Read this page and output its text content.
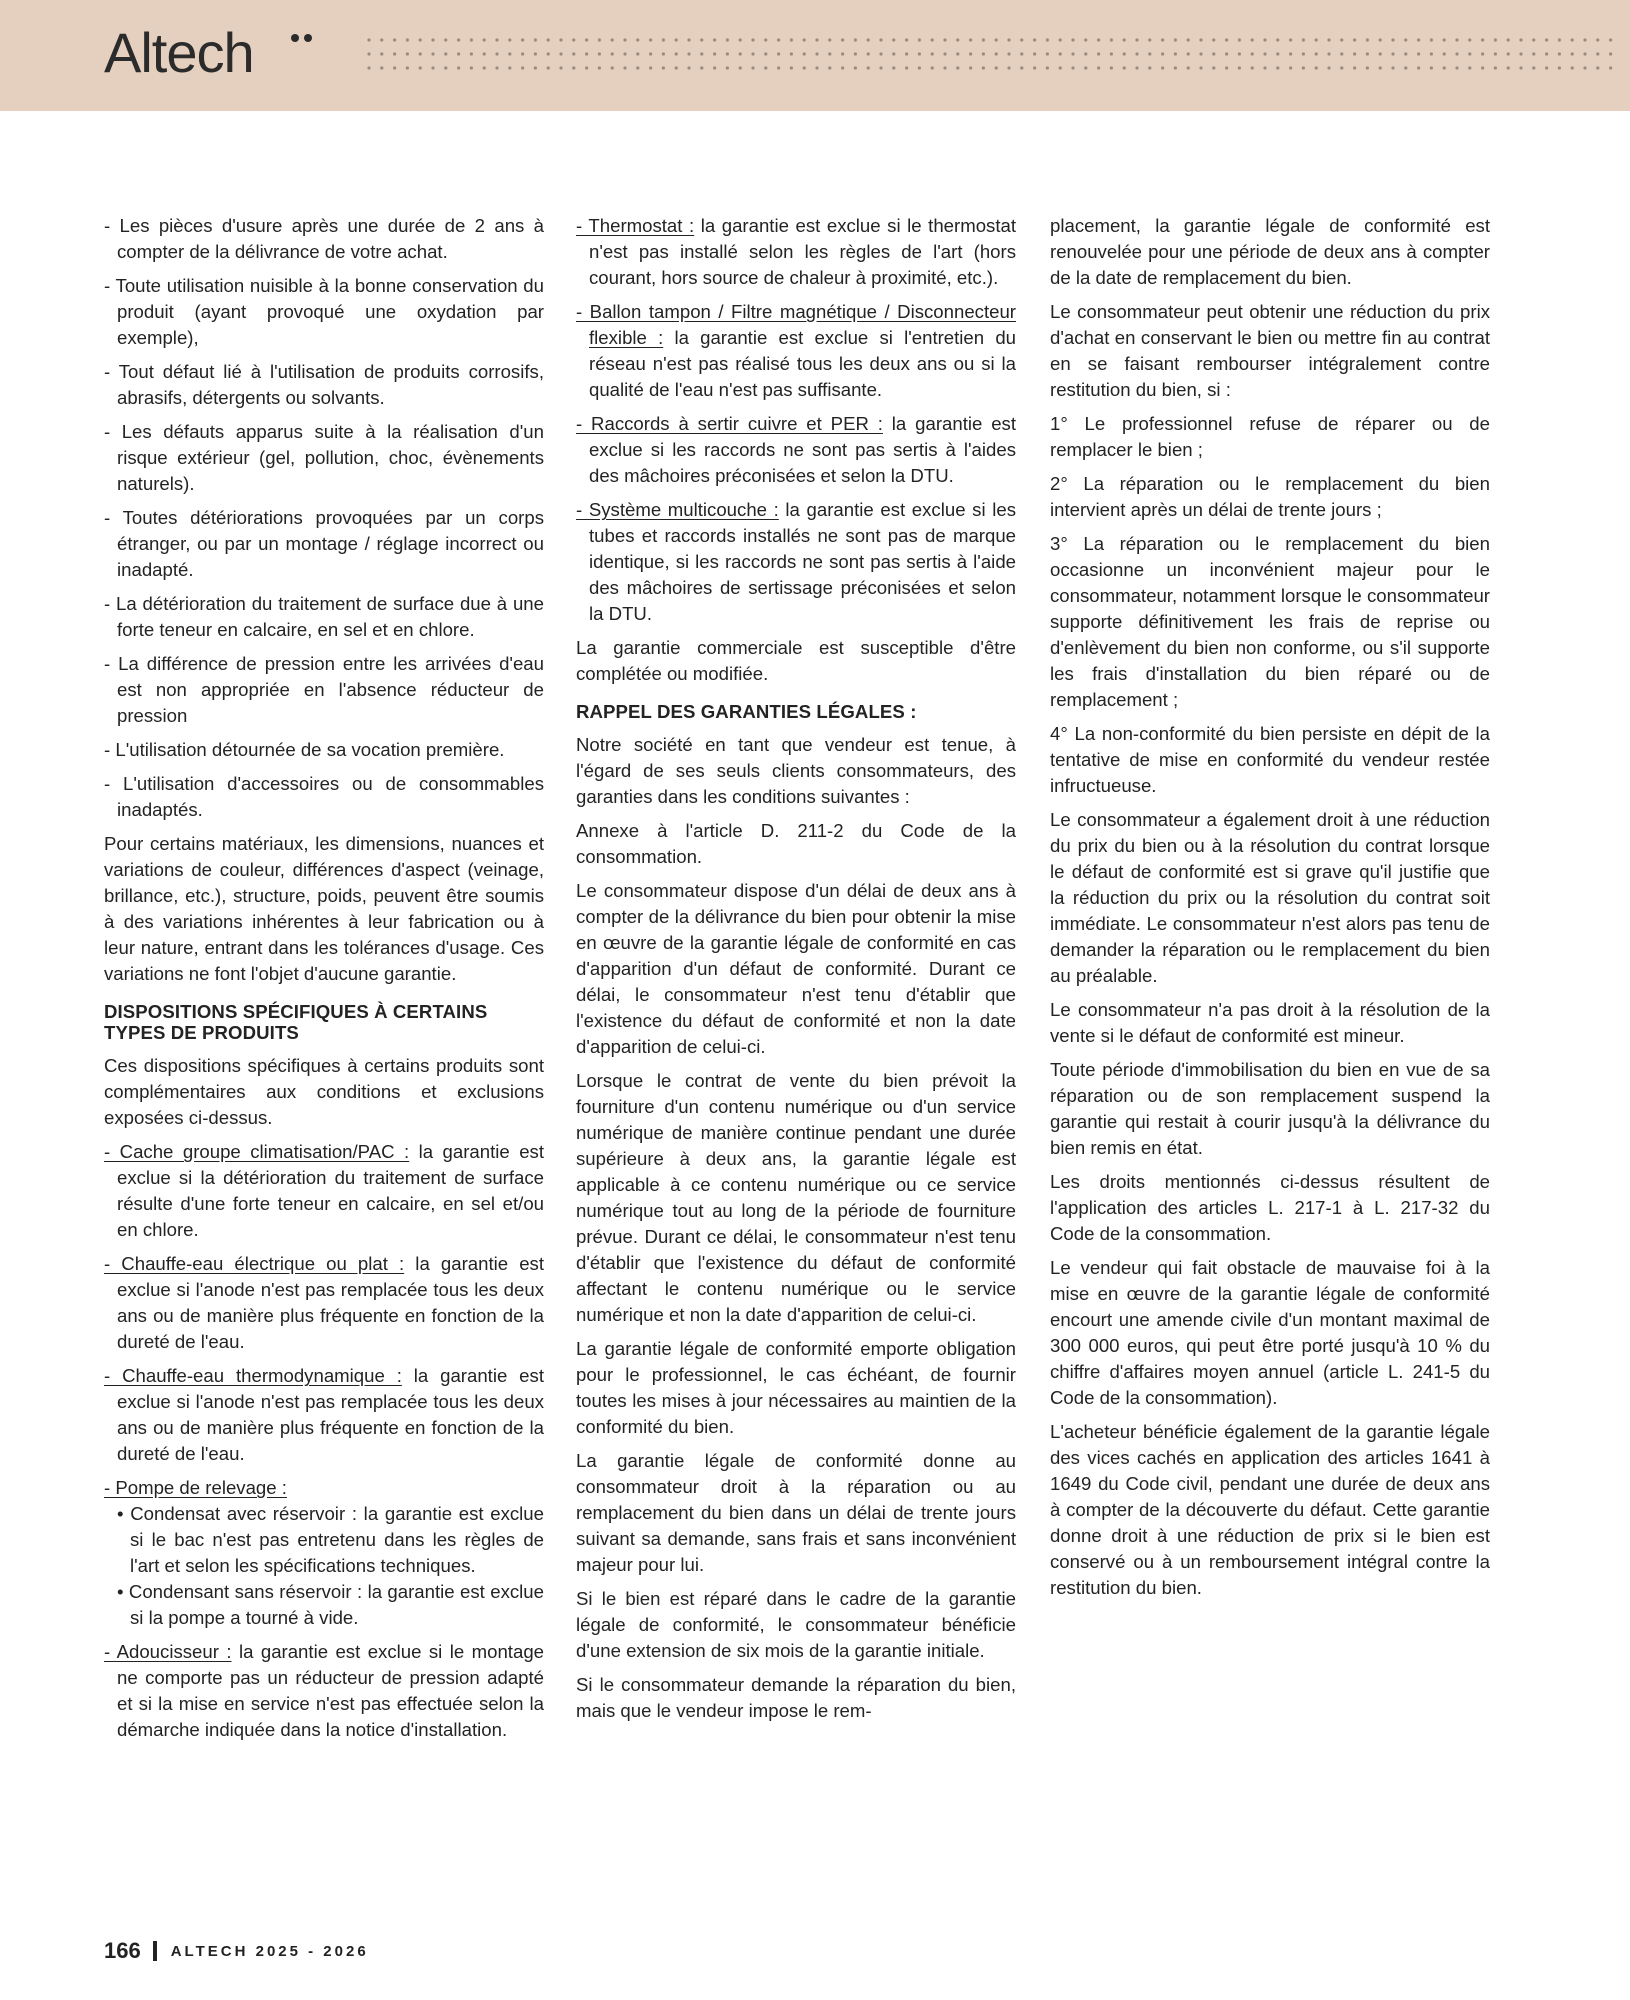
Altech
- Les pièces d'usure après une durée de 2 ans à compter de la délivrance de votre achat.
- Toute utilisation nuisible à la bonne conservation du produit (ayant provoqué une oxydation par exemple),
- Tout défaut lié à l'utilisation de produits corrosifs, abrasifs, détergents ou solvants.
- Les défauts apparus suite à la réalisation d'un risque extérieur (gel, pollution, choc, évènements naturels).
- Toutes détériorations provoquées par un corps étranger, ou par un montage / réglage incorrect ou inadapté.
- La détérioration du traitement de surface due à une forte teneur en calcaire, en sel et en chlore.
- La différence de pression entre les arrivées d'eau est non appropriée en l'absence réducteur de pression
- L'utilisation détournée de sa vocation première.
- L'utilisation d'accessoires ou de consommables inadaptés.

Pour certains matériaux, les dimensions, nuances et variations de couleur, différences d'aspect (veinage, brillance, etc.), structure, poids, peuvent être soumis à des variations inhérentes à leur fabrication ou à leur nature, entrant dans les tolérances d'usage. Ces variations ne font l'objet d'aucune garantie.

DISPOSITIONS SPÉCIFIQUES À CERTAINS TYPES DE PRODUITS

Ces dispositions spécifiques à certains produits sont complémentaires aux conditions et exclusions exposées ci-dessus.

- Cache groupe climatisation/PAC : la garantie est exclue si la détérioration du traitement de surface résulte d'une forte teneur en calcaire, en sel et/ou en chlore.
- Chauffe-eau électrique ou plat : la garantie est exclue si l'anode n'est pas remplacée tous les deux ans ou de manière plus fréquente en fonction de la dureté de l'eau.
- Chauffe-eau thermodynamique : la garantie est exclue si l'anode n'est pas remplacée tous les deux ans ou de manière plus fréquente en fonction de la dureté de l'eau.
- Pompe de relevage :
• Condensat avec réservoir : la garantie est exclue si le bac n'est pas entretenu dans les règles de l'art et selon les spécifications techniques.
• Condensant sans réservoir : la garantie est exclue si la pompe a tourné à vide.
- Adoucisseur : la garantie est exclue si le montage ne comporte pas un réducteur de pression adapté et si la mise en service n'est pas effectuée selon la démarche indiquée dans la notice d'installation.
- Thermostat : la garantie est exclue si le thermostat n'est pas installé selon les règles de l'art (hors courant, hors source de chaleur à proximité, etc.).
- Ballon tampon / Filtre magnétique / Disconnecteur flexible : la garantie est exclue si l'entretien du réseau n'est pas réalisé tous les deux ans ou si la qualité de l'eau n'est pas suffisante.
- Raccords à sertir cuivre et PER : la garantie est exclue si les raccords ne sont pas sertis à l'aides des mâchoires préconisées et selon la DTU.
- Système multicouche : la garantie est exclue si les tubes et raccords installés ne sont pas de marque identique, si les raccords ne sont pas sertis à l'aide des mâchoires de sertissage préconisées et selon la DTU.

La garantie commerciale est susceptible d'être complétée ou modifiée.

RAPPEL DES GARANTIES LÉGALES :

Notre société en tant que vendeur est tenue, à l'égard de ses seuls clients consommateurs, des garanties dans les conditions suivantes :

Annexe à l'article D. 211-2 du Code de la consommation.

Le consommateur dispose d'un délai de deux ans à compter de la délivrance du bien pour obtenir la mise en œuvre de la garantie légale de conformité en cas d'apparition d'un défaut de conformité. Durant ce délai, le consommateur n'est tenu d'établir que l'existence du défaut de conformité et non la date d'apparition de celui-ci.

Lorsque le contrat de vente du bien prévoit la fourniture d'un contenu numérique ou d'un service numérique de manière continue pendant une durée supérieure à deux ans, la garantie légale est applicable à ce contenu numérique ou ce service numérique tout au long de la période de fourniture prévue. Durant ce délai, le consommateur n'est tenu d'établir que l'existence du défaut de conformité affectant le contenu numérique ou le service numérique et non la date d'apparition de celui-ci.

La garantie légale de conformité emporte obligation pour le professionnel, le cas échéant, de fournir toutes les mises à jour nécessaires au maintien de la conformité du bien.

La garantie légale de conformité donne au consommateur droit à la réparation ou au remplacement du bien dans un délai de trente jours suivant sa demande, sans frais et sans inconvénient majeur pour lui.

Si le bien est réparé dans le cadre de la garantie légale de conformité, le consommateur bénéficie d'une extension de six mois de la garantie initiale.

Si le consommateur demande la réparation du bien, mais que le vendeur impose le rem-

placement, la garantie légale de conformité est renouvelée pour une période de deux ans à compter de la date de remplacement du bien.

Le consommateur peut obtenir une réduction du prix d'achat en conservant le bien ou mettre fin au contrat en se faisant rembourser intégralement contre restitution du bien, si :

1° Le professionnel refuse de réparer ou de remplacer le bien ;

2° La réparation ou le remplacement du bien intervient après un délai de trente jours ;

3° La réparation ou le remplacement du bien occasionne un inconvénient majeur pour le consommateur, notamment lorsque le consommateur supporte définitivement les frais de reprise ou d'enlèvement du bien non conforme, ou s'il supporte les frais d'installation du bien réparé ou de remplacement ;

4° La non-conformité du bien persiste en dépit de la tentative de mise en conformité du vendeur restée infructueuse.

Le consommateur a également droit à une réduction du prix du bien ou à la résolution du contrat lorsque le défaut de conformité est si grave qu'il justifie que la réduction du prix ou la résolution du contrat soit immédiate. Le consommateur n'est alors pas tenu de demander la réparation ou le remplacement du bien au préalable.

Le consommateur n'a pas droit à la résolution de la vente si le défaut de conformité est mineur.

Toute période d'immobilisation du bien en vue de sa réparation ou de son remplacement suspend la garantie qui restait à courir jusqu'à la délivrance du bien remis en état.

Les droits mentionnés ci-dessus résultent de l'application des articles L. 217-1 à L. 217-32 du Code de la consommation.

Le vendeur qui fait obstacle de mauvaise foi à la mise en œuvre de la garantie légale de conformité encourt une amende civile d'un montant maximal de 300 000 euros, qui peut être porté jusqu'à 10 % du chiffre d'affaires moyen annuel (article L. 241-5 du Code de la consommation).

L'acheteur bénéficie également de la garantie légale des vices cachés en application des articles 1641 à 1649 du Code civil, pendant une durée de deux ans à compter de la découverte du défaut. Cette garantie donne droit à une réduction de prix si le bien est conservé ou à un remboursement intégral contre la restitution du bien.

166 ALTECH 2025 - 2026
